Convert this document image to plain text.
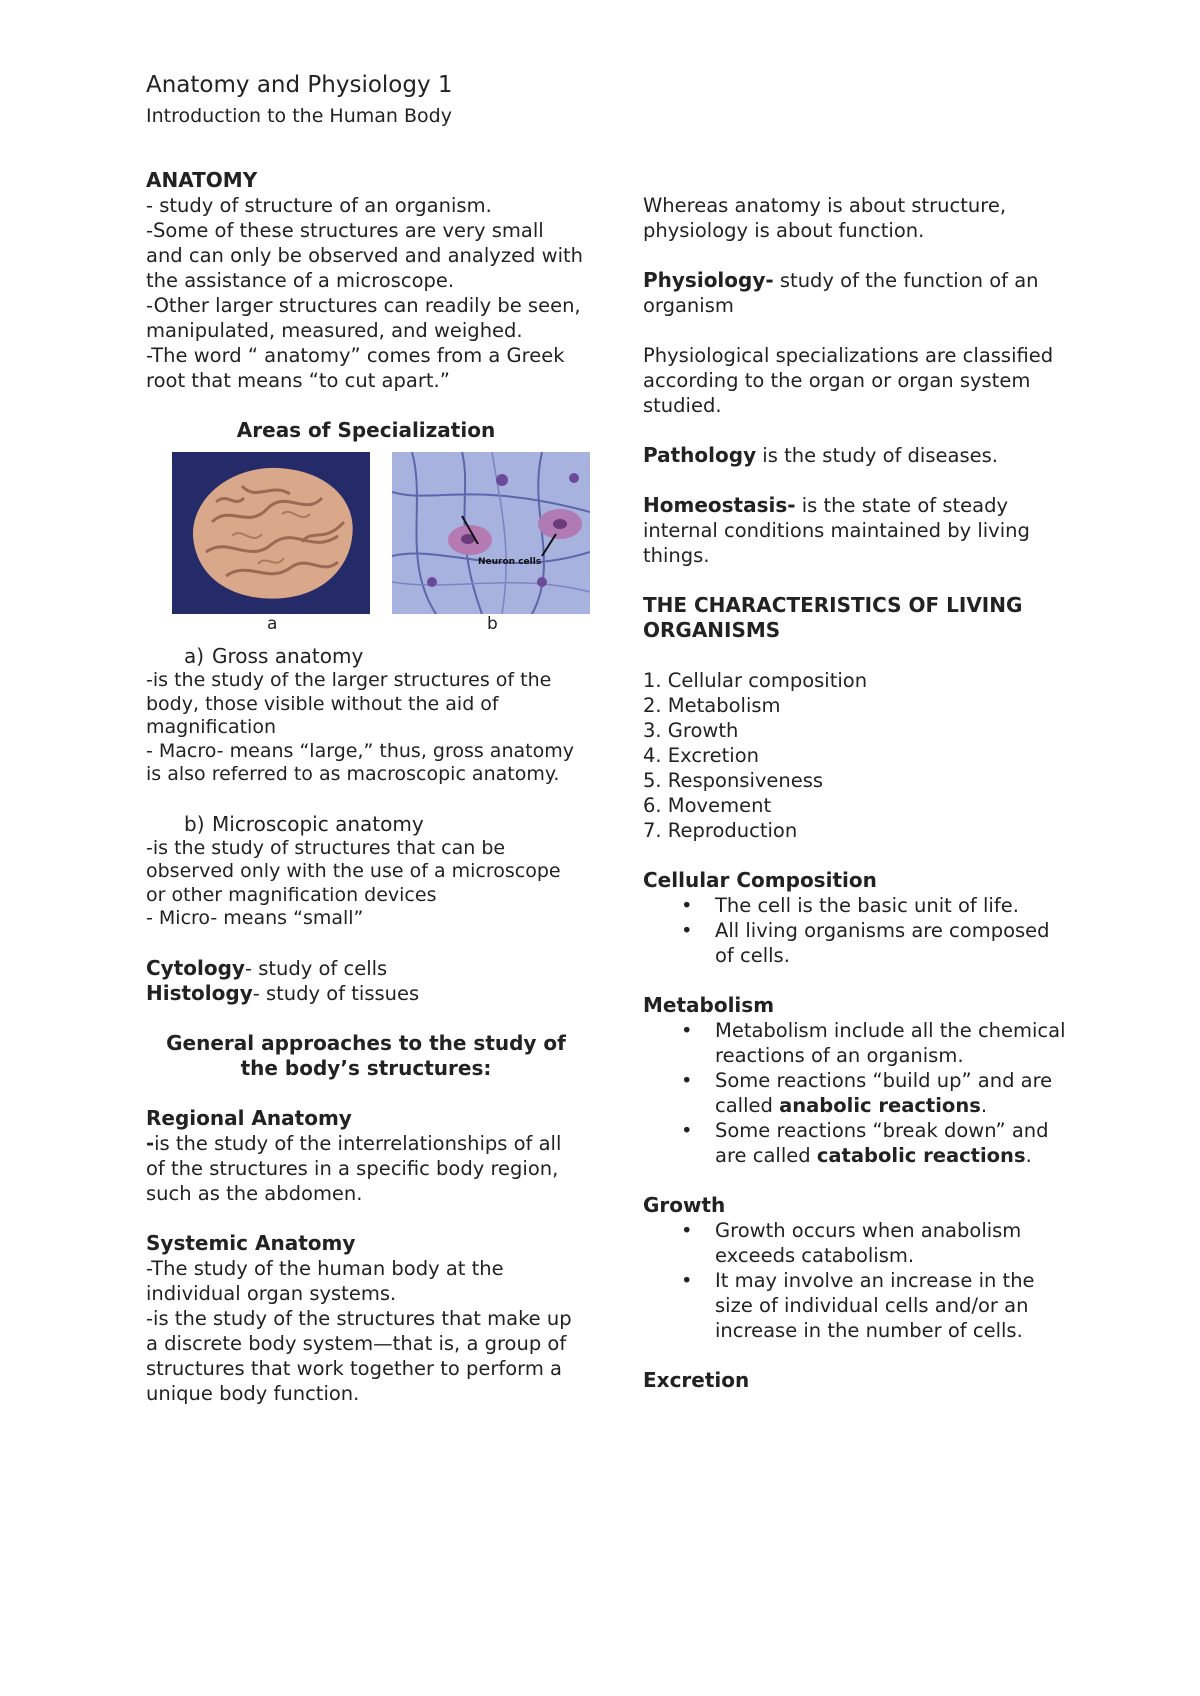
Anatomy and Physiology 1
Introduction to the Human Body

ANATOMY

- study of structure of an organism.

-Some of these structures are very small and can only be observed and analyzed with the assistance of a microscope.

-Other larger structures can readily be seen, manipulated, measured, and weighed.

-The word “ anatomy” comes from a Greek root that means “to cut apart.”

Areas of Specialization

Neuron cells
a	b

a) Gross anatomy

-is the study of the larger structures of the body, those visible without the aid of magnification

- Macro- means “large,” thus, gross anatomy is also referred to as macroscopic anatomy.

b) Microscopic anatomy

-is the study of structures that can be observed only with the use of a microscope or other magnification devices

- Micro- means “small”

Cytology- study of cells

Histology- study of tissues

General approaches to the study of the body’s structures:

Regional Anatomy

-is the study of the interrelationships of all of the structures in a specific body region, such as the abdomen.

Systemic Anatomy

-The study of the human body at the individual organ systems.

-is the study of the structures that make up a discrete body system—that is, a group of structures that work together to perform a unique body function.

Whereas anatomy is about structure, physiology is about function.

Physiology- study of the function of an organism

Physiological specializations are classified according to the organ or organ system studied.

Pathology is the study of diseases.

Homeostasis- is the state of steady internal conditions maintained by living things.

THE CHARACTERISTICS OF LIVING ORGANISMS

1. Cellular composition
2. Metabolism
3. Growth
4. Excretion
5. Responsiveness
6. Movement
7. Reproduction

Cellular Composition

• The cell is the basic unit of life.
• All living organisms are composed of cells.

Metabolism

• Metabolism include all the chemical reactions of an organism.
• Some reactions “build up” and are called anabolic reactions.
• Some reactions “break down” and are called catabolic reactions.

Growth

• Growth occurs when anabolism exceeds catabolism.
• It may involve an increase in the size of individual cells and/or an increase in the number of cells.

Excretion
